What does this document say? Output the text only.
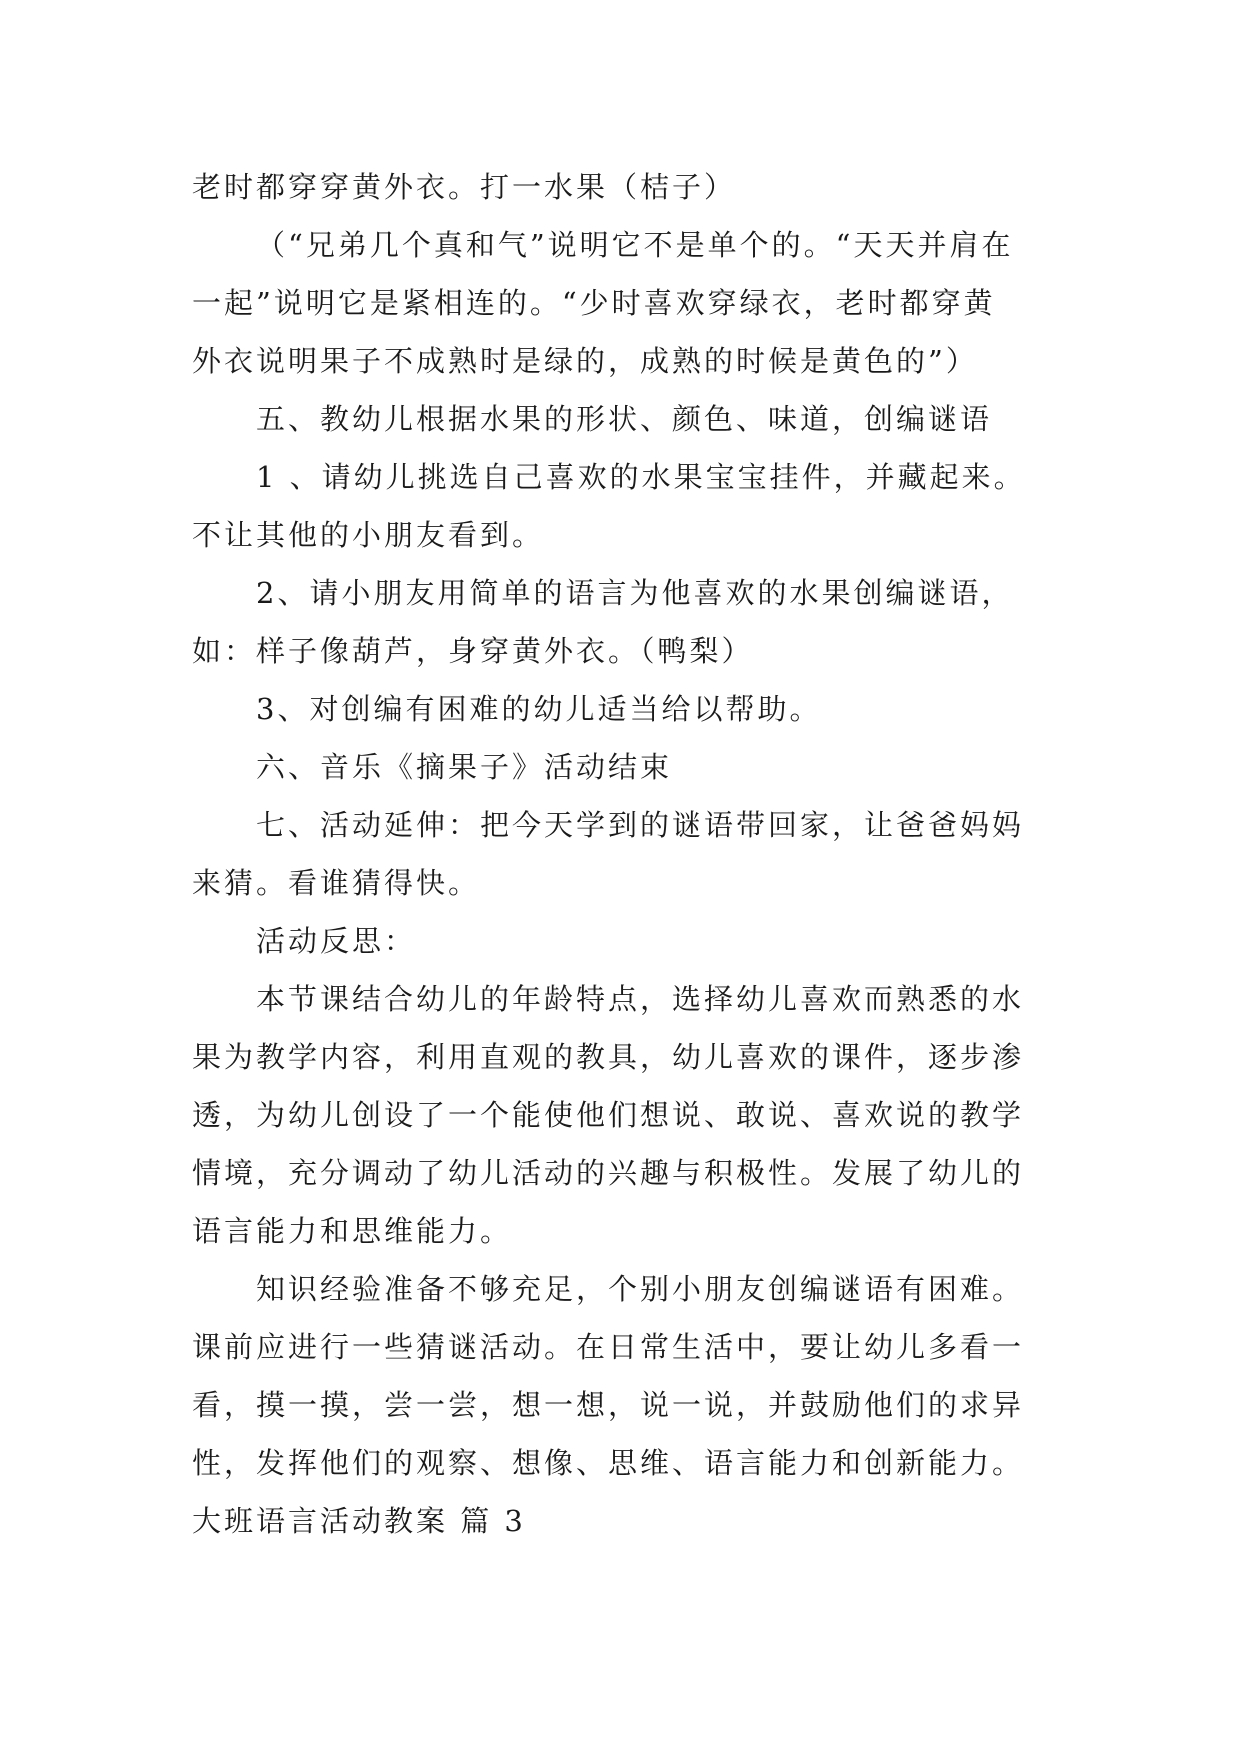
老时都穿穿黄外衣。打一水果（桔子）
（“兄弟几个真和气”说明它不是单个的。“天天并肩在
一起”说明它是紧相连的。“少时喜欢穿绿衣，老时都穿黄
外衣说明果子不成熟时是绿的，成熟的时候是黄色的”）
五、教幼儿根据水果的形状、颜色、味道，创编谜语
1 、请幼儿挑选自己喜欢的水果宝宝挂件，并藏起来。
不让其他的小朋友看到。
2、请小朋友用简单的语言为他喜欢的水果创编谜语，
如：样子像葫芦，身穿黄外衣。（鸭梨）
3、对创编有困难的幼儿适当给以帮助。
六、音乐《摘果子》活动结束
七、活动延伸：把今天学到的谜语带回家，让爸爸妈妈
来猜。看谁猜得快。
活动反思：
本节课结合幼儿的年龄特点，选择幼儿喜欢而熟悉的水
果为教学内容，利用直观的教具，幼儿喜欢的课件，逐步渗
透，为幼儿创设了一个能使他们想说、敢说、喜欢说的教学
情境，充分调动了幼儿活动的兴趣与积极性。发展了幼儿的
语言能力和思维能力。
知识经验准备不够充足，个别小朋友创编谜语有困难。
课前应进行一些猜谜活动。在日常生活中，要让幼儿多看一
看，摸一摸，尝一尝，想一想，说一说，并鼓励他们的求异
性，发挥他们的观察、想像、思维、语言能力和创新能力。
大班语言活动教案 篇 3
